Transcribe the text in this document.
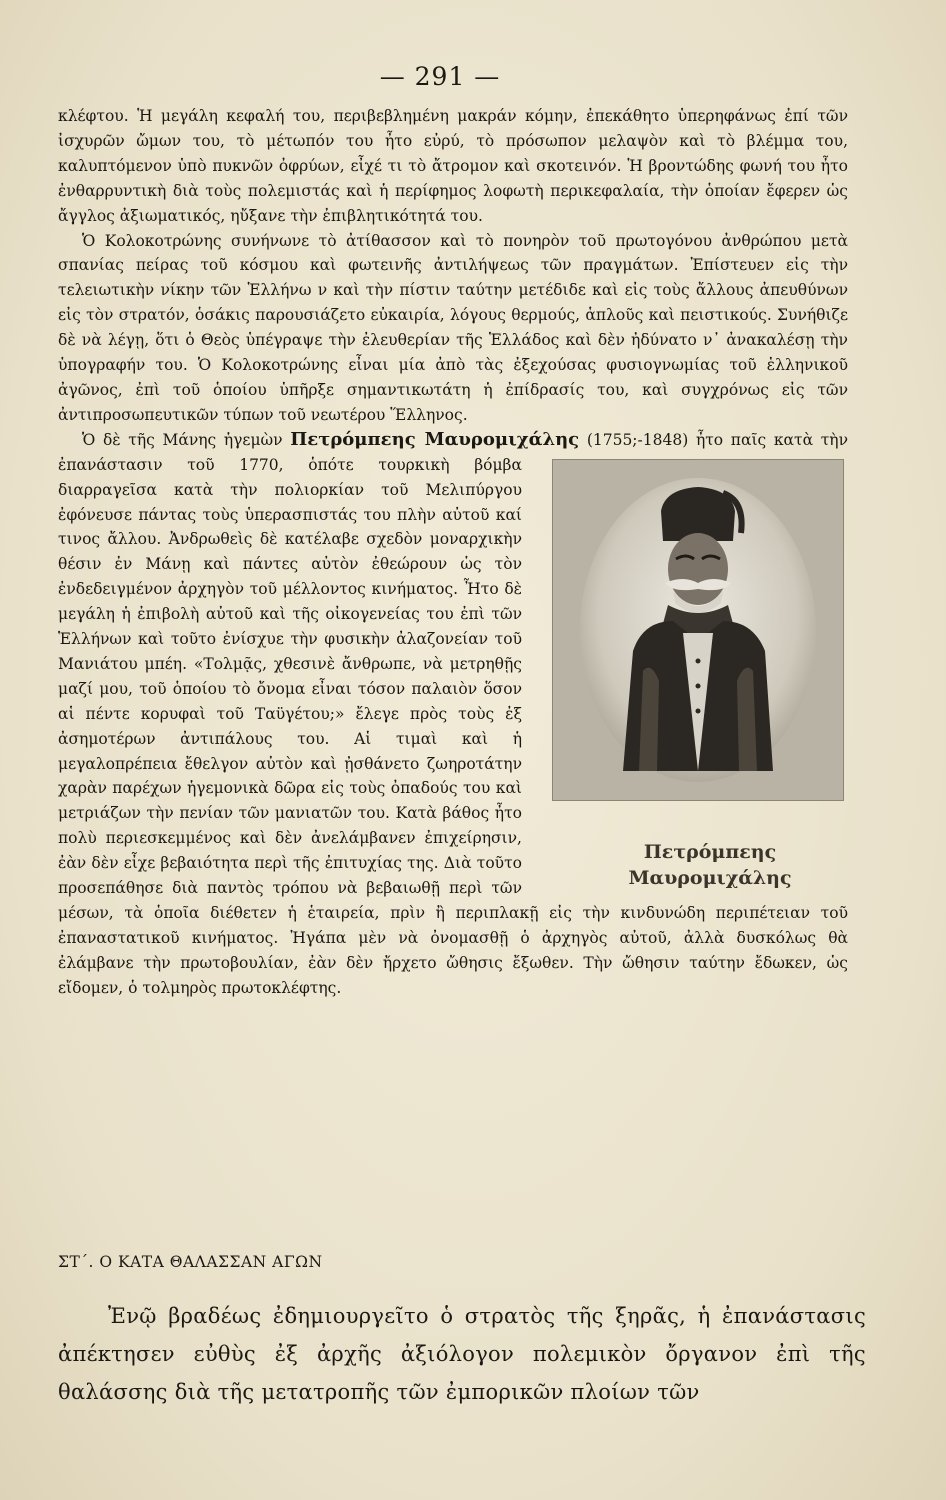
— 291 —

κλέφτου. Ἡ μεγάλη κεφαλή του, περιβεβλημένη μακράν κόμην, ἐπεκάθητο ὑπερηφάνως ἐπί τῶν ἰσχυρῶν ὤμων του, τὸ μέτωπόν του ἦτο εὐρύ, τὸ πρόσωπον μελαψὸν καὶ τὸ βλέμμα του, καλυπτόμενον ὑπὸ πυκνῶν ὀφρύων, εἶχέ τι τὸ ἄτρομον καὶ σκοτεινόν. Ἡ βροντώδης φωνή του ἦτο ἐνθαρρυντικὴ διὰ τοὺς πολεμιστάς καὶ ἡ περίφημος λοφωτὴ περικεφαλαία, τὴν ὁποίαν ἔφερεν ὡς ἄγγλος ἀξιωματικός, ηὔξανε τὴν ἐπιβλητικότητά του.

Ὁ Κολοκοτρώνης συνήνωνε τὸ ἀτίθασσον καὶ τὸ πονηρὸν τοῦ πρωτογόνου ἀνθρώπου μετὰ σπανίας πείρας τοῦ κόσμου καὶ φωτεινῆς ἀντιλήψεως τῶν πραγμάτων. Ἐπίστευεν εἰς τὴν τελειωτικὴν νίκην τῶν Ἑλλήνω ν καὶ τὴν πίστιν ταύτην μετέδιδε καὶ εἰς τοὺς ἄλλους ἀπευθύνων εἰς τὸν στρατόν, ὁσάκις παρουσιάζετο εὐκαιρία, λόγους θερμούς, ἁπλοῦς καὶ πειστικούς. Συνήθιζε δὲ νὰ λέγῃ, ὅτι ὁ Θεὸς ὑπέγραψε τὴν ἐλευθερίαν τῆς Ἑλλάδος καὶ δὲν ἠδύνατο ν᾽ ἀνακαλέσῃ τὴν ὑπογραφήν του. Ὁ Κολοκοτρώνης εἶναι μία ἀπὸ τὰς ἐξεχούσας φυσιογνωμίας τοῦ ἑλληνικοῦ ἀγῶνος, ἐπὶ τοῦ ὁποίου ὑπῆρξε σημαντικωτάτη ἡ ἐπίδρασίς του, καὶ συγχρόνως εἰς τῶν ἀντιπροσωπευτικῶν τύπων τοῦ νεωτέρου Ἕλληνος.

Ὁ δὲ τῆς Μάνης ἡγεμὼν Πετρόμπεης Μαυρομιχάλης (1755;-1848)
Πετρόμπεης
Μαυρομιχάλης
ἦτο παῖς κατὰ τὴν ἐπανάστασιν τοῦ 1770, ὁπότε τουρκικὴ βόμβα διαρραγεῖσα κατὰ τὴν πολιορκίαν τοῦ Μελιπύργου ἐφόνευσε πάντας τοὺς ὑπερασπιστάς του πλὴν αὐτοῦ καί τινος ἄλλου. Ἀνδρωθεὶς δὲ κατέλαβε σχεδὸν μοναρχικὴν θέσιν ἐν Μάνῃ καὶ πάντες αὐτὸν ἐθεώρουν ὡς τὸν ἐνδεδειγμένον ἀρχηγὸν τοῦ μέλλοντος κινήματος. Ἦτο δὲ μεγάλη ἡ ἐπιβολὴ αὐτοῦ καὶ τῆς οἰκογενείας του ἐπὶ τῶν Ἑλλήνων καὶ τοῦτο ἐνίσχυε τὴν φυσικὴν ἀλαζονείαν τοῦ Μανιάτου μπέη. «Τολμᾷς, χθεσινὲ ἄνθρωπε, νὰ μετρηθῇς μαζί μου, τοῦ ὁποίου τὸ ὄνομα εἶναι τόσον παλαιὸν ὅσον αἱ πέντε κορυφαὶ τοῦ Ταϋγέτου;» ἔλεγε πρὸς τοὺς ἐξ ἀσημοτέρων ἀντιπάλους του. Αἱ τιμαὶ καὶ ἡ μεγαλοπρέπεια ἔθελγον αὐτὸν καὶ ᾐσθάνετο ζωηροτάτην χαρὰν παρέχων ἡγεμονικὰ δῶρα εἰς τοὺς ὀπαδούς του καὶ μετριάζων τὴν πενίαν τῶν μανιατῶν του. Κατὰ βάθος ἦτο πολὺ περιεσκεμμένος καὶ δὲν ἀνελάμβανεν ἐπιχείρησιν, ἐὰν δὲν εἶχε βεβαιότητα περὶ τῆς ἐπιτυχίας της. Διὰ τοῦτο προσεπάθησε διὰ παντὸς τρόπου νὰ βεβαιωθῇ περὶ τῶν μέσων, τὰ ὁποῖα διέθετεν ἡ ἑταιρεία, πρὶν ἢ περιπλακῇ εἰς τὴν κινδυνώδη περιπέτειαν τοῦ ἐπαναστατικοῦ κινήματος. Ἠγάπα μὲν νὰ ὀνομασθῇ ὁ ἀρχηγὸς αὐτοῦ, ἀλλὰ δυσκόλως θὰ ἐλάμβανε τὴν πρωτοβουλίαν, ἐὰν δὲν ἤρχετο ὤθησις ἔξωθεν. Τὴν ὤθησιν ταύτην ἔδωκεν, ὡς εἴδομεν, ὁ τολμηρὸς πρωτοκλέφτης.

ΣΤ΄. Ο ΚΑΤΑ ΘΑΛΑΣΣΑΝ ΑΓΩΝ

Ἐνῷ βραδέως ἐδημιουργεῖτο ὁ στρατὸς τῆς ξηρᾶς, ἡ ἐπανάστασις ἀπέκτησεν εὐθὺς ἐξ ἀρχῆς ἀξιόλογον πολεμικὸν ὄργανον ἐπὶ τῆς θαλάσσης διὰ τῆς μετατροπῆς τῶν ἐμπορικῶν πλοίων τῶν
